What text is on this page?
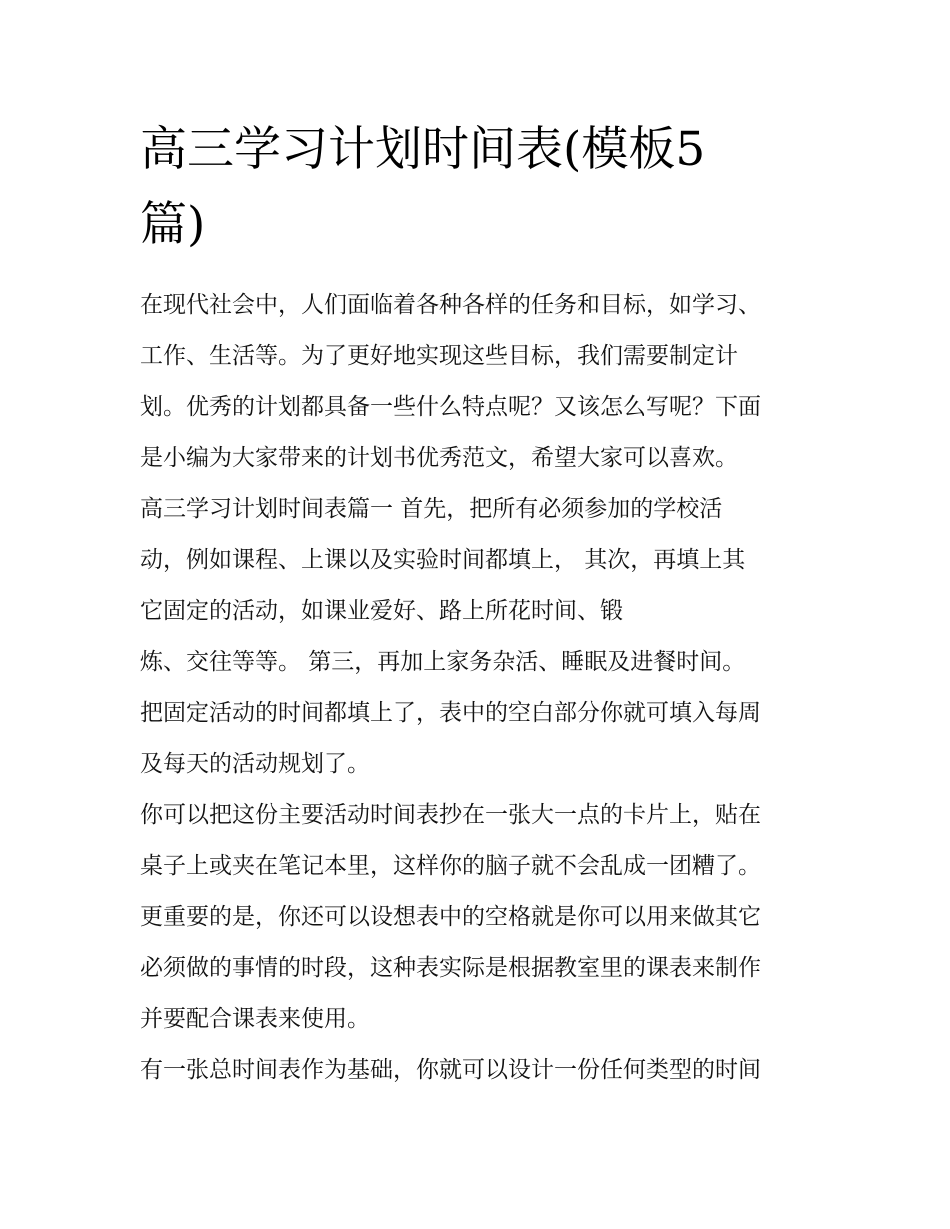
高三学习计划时间表(模板5
篇)
在现代社会中，人们面临着各种各样的任务和目标，如学习、
工作、生活等。为了更好地实现这些目标，我们需要制定计
划。优秀的计划都具备一些什么特点呢？又该怎么写呢？下面
是小编为大家带来的计划书优秀范文，希望大家可以喜欢。
高三学习计划时间表篇一 首先，把所有必须参加的学校活
动，例如课程、上课以及实验时间都填上， 其次，再填上其
它固定的活动，如课业爱好、路上所花时间、锻
炼、交往等等。 第三，再加上家务杂活、睡眠及进餐时间。
把固定活动的时间都填上了，表中的空白部分你就可填入每周
及每天的活动规划了。
你可以把这份主要活动时间表抄在一张大一点的卡片上，贴在
桌子上或夹在笔记本里，这样你的脑子就不会乱成一团糟了。
更重要的是，你还可以设想表中的空格就是你可以用来做其它
必须做的事情的时段，这种表实际是根据教室里的课表来制作
并要配合课表来使用。
有一张总时间表作为基础，你就可以设计一份任何类型的时间
